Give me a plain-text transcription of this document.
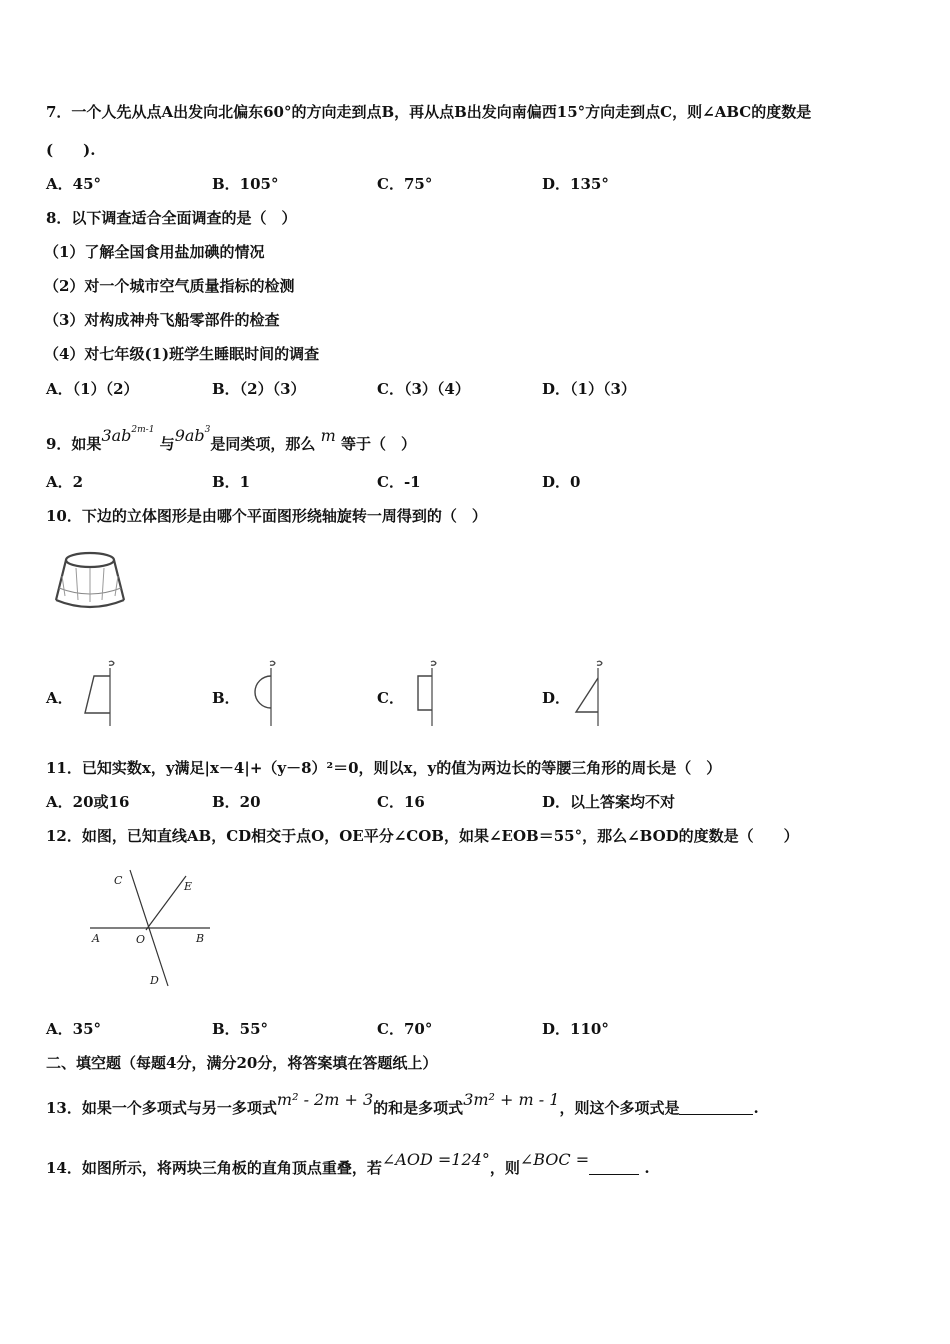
7．一个人先从点A出发向北偏东60°的方向走到点B，再从点B出发向南偏西15°方向走到点C，则∠ABC的度数是
(　　).
A．45°	B．105°	C．75°	D．135°
8．以下调查适合全面调查的是（　）
（1）了解全国食用盐加碘的情况
（2）对一个城市空气质量指标的检测
（3）对构成神舟飞船零部件的检查
（4）对七年级(1)班学生睡眠时间的调查
A．（1）（2）	B．（2）（3）	C．（3）（4）	D．（1）（3）
9．如果$3ab^{2m-1}$ 与$9ab^3$是同类项，那么 m 等于（　）
A．2	B．1	C．-1	D．0
10．下边的立体图形是由哪个平面图形绕轴旋转一周得到的（　）
A．	B．	C．	D．
11．已知实数x，y满足|x－4|+（y－8）²＝0，则以x，y的值为两边长的等腰三角形的周长是（　）
A．20或16	B．20	C．16	D．以上答案均不对
12．如图，已知直线AB，CD相交于点O，OE平分∠COB，如果∠EOB＝55°，那么∠BOD的度数是（　　）
C	E
A	O	B
D
A．35°	B．55°	C．70°	D．110°
二、填空题（每题4分，满分20分，将答案填在答题纸上）
13．如果一个多项式与另一多项式m² - 2m + 3的和是多项式3m² + m - 1，则这个多项式是	.
14．如图所示，将两块三角板的直角顶点重叠，若∠AOD =124°，则∠BOC =	.
